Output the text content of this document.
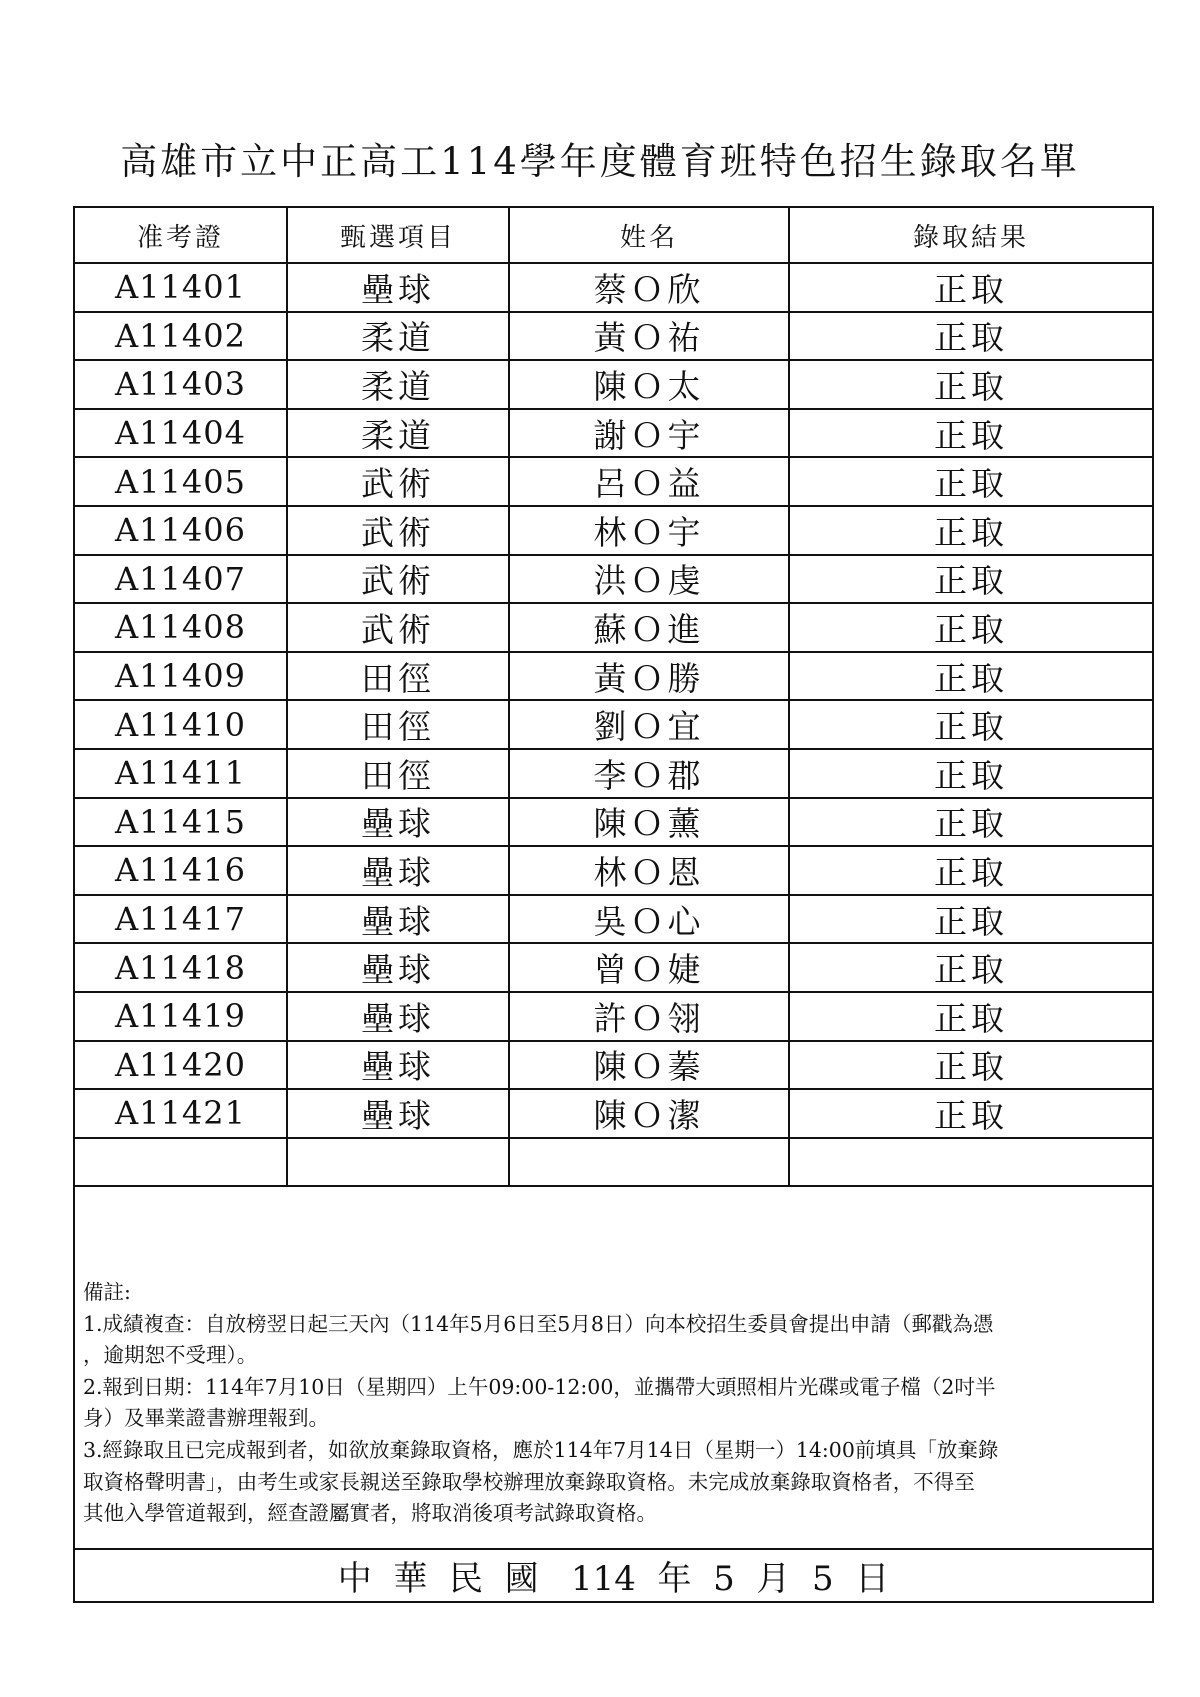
高雄市立中正高工114學年度體育班特色招生錄取名單
准考證	甄選項目	姓名	錄取結果
A11401	壘球	蔡Ｏ欣	正取
A11402	柔道	黃Ｏ祐	正取
A11403	柔道	陳Ｏ太	正取
A11404	柔道	謝Ｏ宇	正取
A11405	武術	呂Ｏ益	正取
A11406	武術	林Ｏ宇	正取
A11407	武術	洪Ｏ虔	正取
A11408	武術	蘇Ｏ進	正取
A11409	田徑	黃Ｏ勝	正取
A11410	田徑	劉Ｏ宜	正取
A11411	田徑	李Ｏ郡	正取
A11415	壘球	陳Ｏ薰	正取
A11416	壘球	林Ｏ恩	正取
A11417	壘球	吳Ｏ心	正取
A11418	壘球	曾Ｏ婕	正取
A11419	壘球	許Ｏ翎	正取
A11420	壘球	陳Ｏ蓁	正取
A11421	壘球	陳Ｏ潔	正取

備註:

1.成績複查：自放榜翌日起三天內（114年5月6日至5月8日）向本校招生委員會提出申請（郵戳為憑

，逾期恕不受理）。

2.報到日期：114年7月10日（星期四）上午09:00-12:00，並攜帶大頭照相片光碟或電子檔（2吋半

身）及畢業證書辦理報到。

3.經錄取且已完成報到者，如欲放棄錄取資格，應於114年7月14日（星期一）14:00前填具「放棄錄

取資格聲明書」，由考生或家長親送至錄取學校辦理放棄錄取資格。未完成放棄錄取資格者，不得至

其他入學管道報到，經查證屬實者，將取消後項考試錄取資格。

中  華  民  國   114  年  5  月  5  日
